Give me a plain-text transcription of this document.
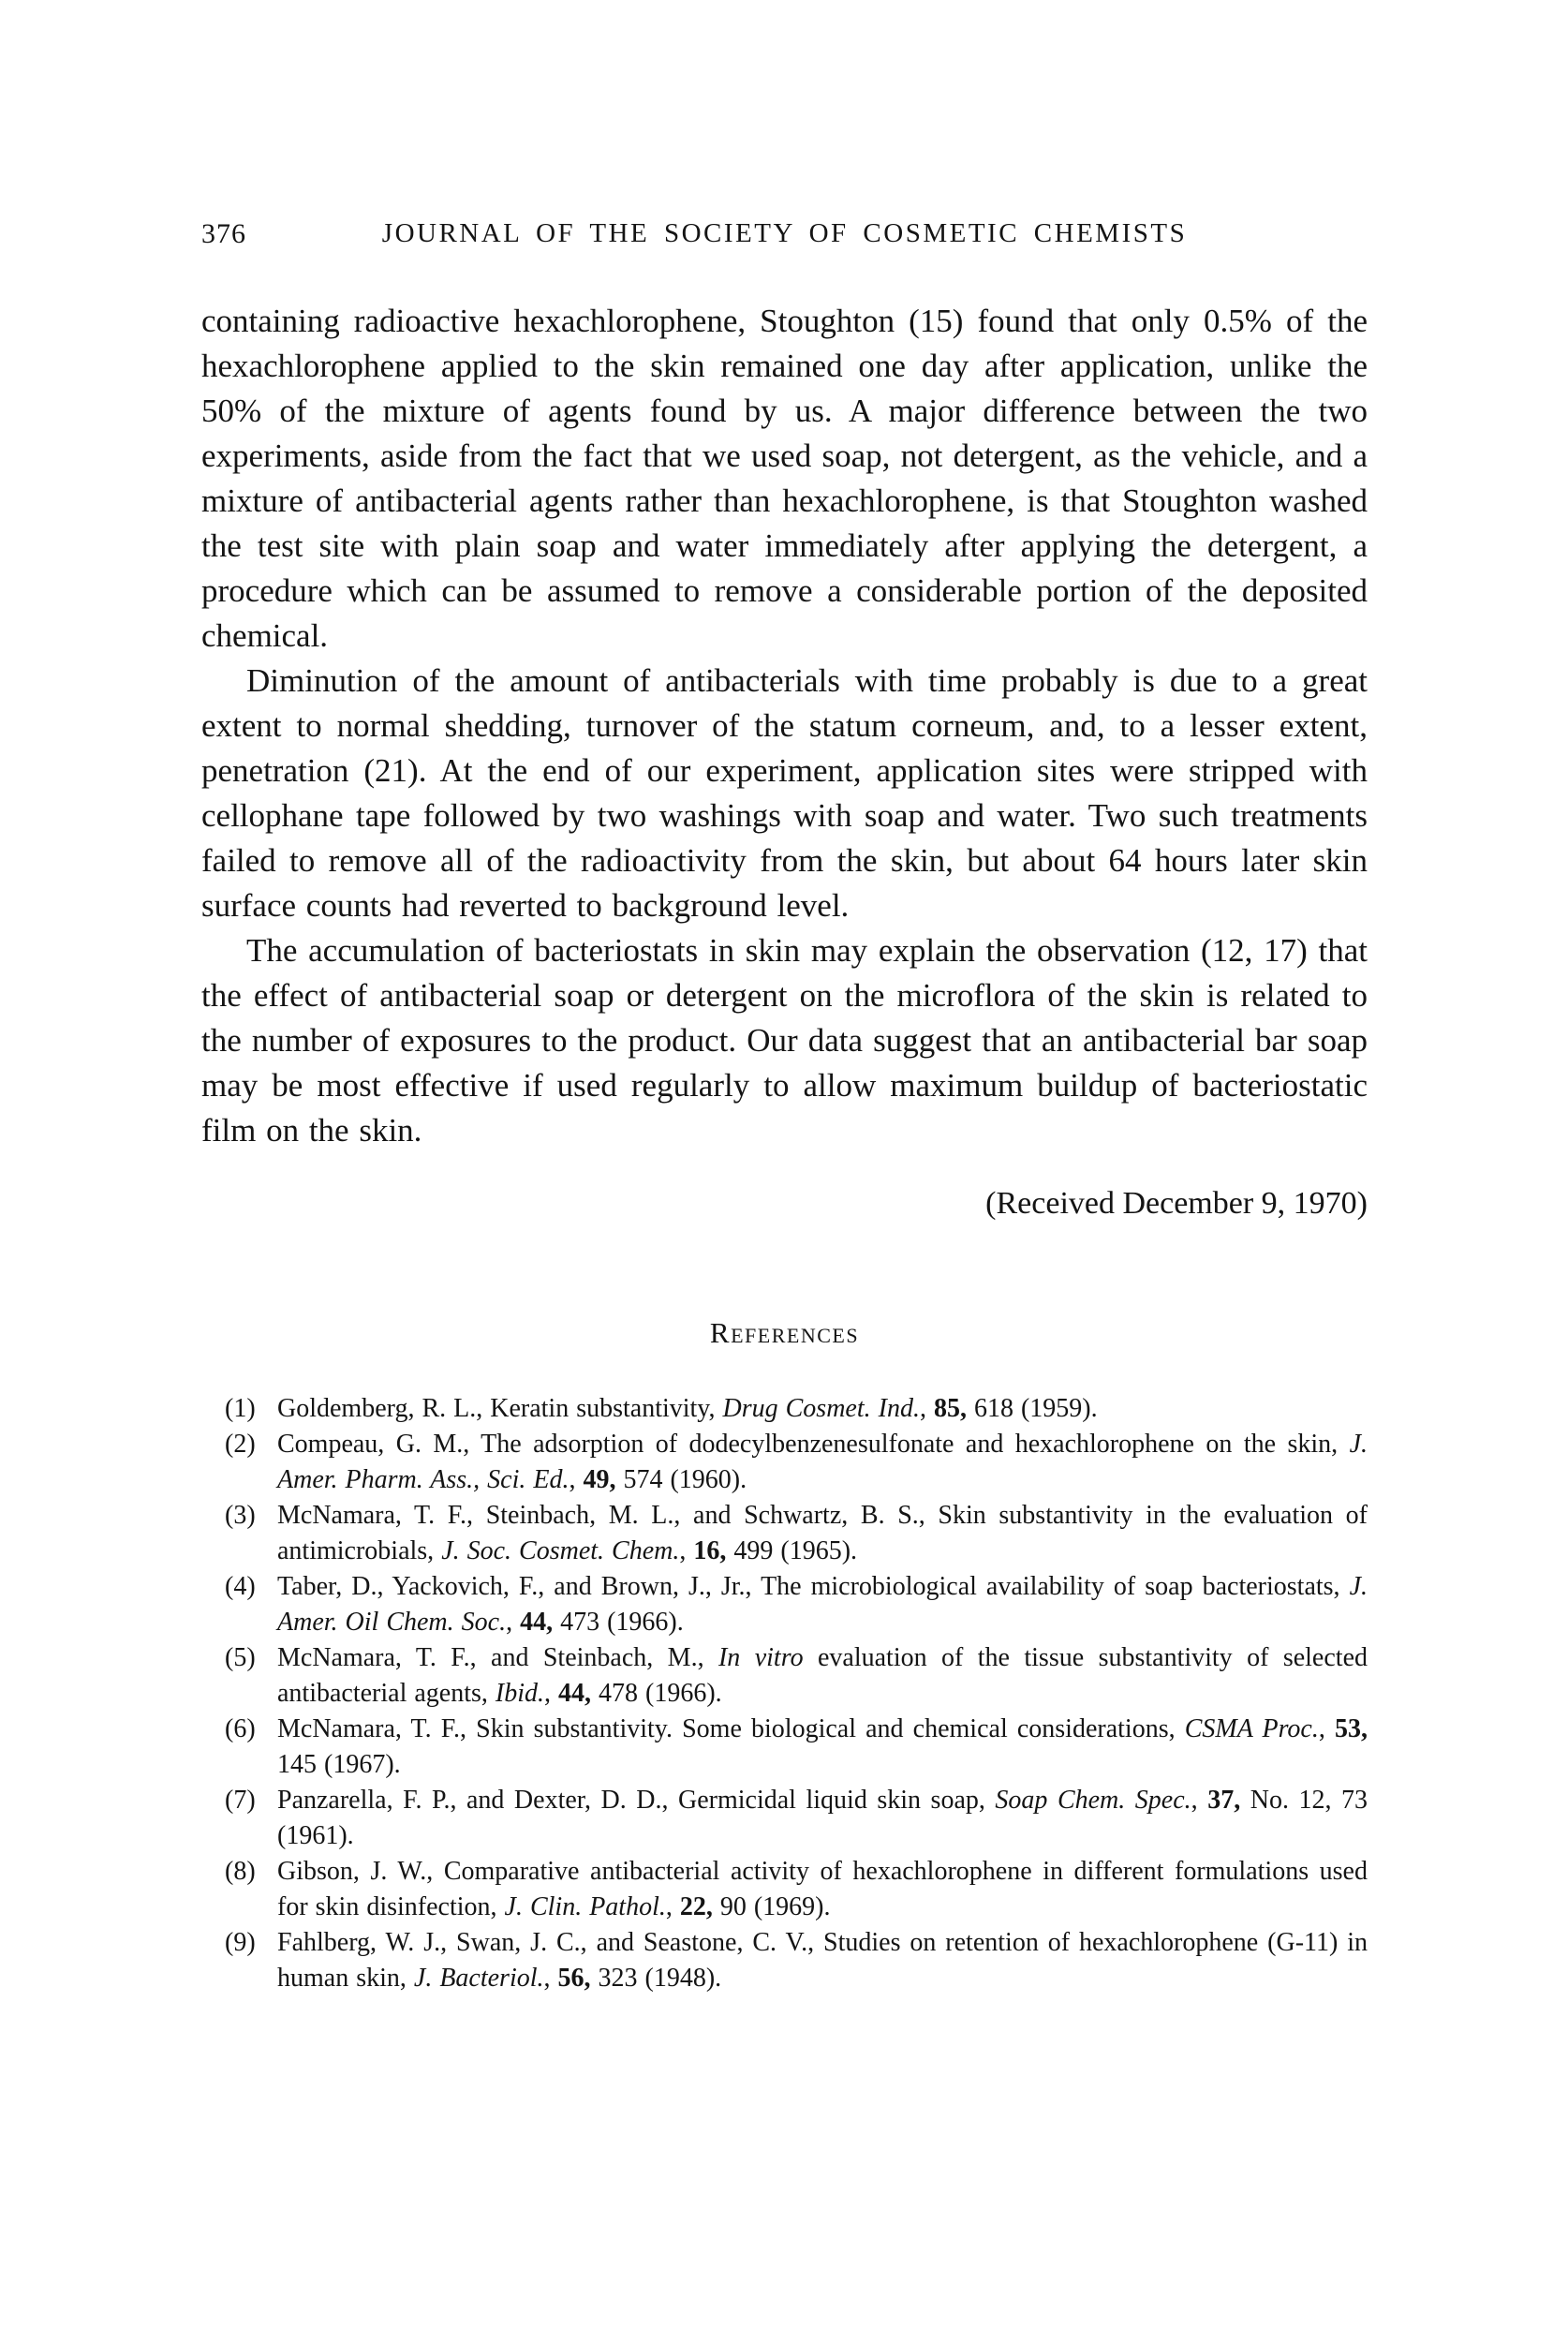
376	JOURNAL OF THE SOCIETY OF COSMETIC CHEMISTS

containing radioactive hexachlorophene, Stoughton (15) found that only 0.5% of the hexachlorophene applied to the skin remained one day after application, unlike the 50% of the mixture of agents found by us. A major difference between the two experiments, aside from the fact that we used soap, not detergent, as the vehicle, and a mixture of antibacterial agents rather than hexachlorophene, is that Stoughton washed the test site with plain soap and water immediately after applying the detergent, a procedure which can be assumed to remove a considerable portion of the deposited chemical.

Diminution of the amount of antibacterials with time probably is due to a great extent to normal shedding, turnover of the statum corneum, and, to a lesser extent, penetration (21). At the end of our experiment, application sites were stripped with cellophane tape followed by two washings with soap and water. Two such treatments failed to remove all of the radioactivity from the skin, but about 64 hours later skin surface counts had reverted to background level.

The accumulation of bacteriostats in skin may explain the observation (12, 17) that the effect of antibacterial soap or detergent on the microflora of the skin is related to the number of exposures to the product. Our data suggest that an antibacterial bar soap may be most effective if used regularly to allow maximum buildup of bacteriostatic film on the skin.

(Received December 9, 1970)

References
(1) Goldemberg, R. L., Keratin substantivity, Drug Cosmet. Ind., 85, 618 (1959).
(2) Compeau, G. M., The adsorption of dodecylbenzenesulfonate and hexachlorophene on the skin, J. Amer. Pharm. Ass., Sci. Ed., 49, 574 (1960).
(3) McNamara, T. F., Steinbach, M. L., and Schwartz, B. S., Skin substantivity in the evaluation of antimicrobials, J. Soc. Cosmet. Chem., 16, 499 (1965).
(4) Taber, D., Yackovich, F., and Brown, J., Jr., The microbiological availability of soap bacteriostats, J. Amer. Oil Chem. Soc., 44, 473 (1966).
(5) McNamara, T. F., and Steinbach, M., In vitro evaluation of the tissue substantivity of selected antibacterial agents, Ibid., 44, 478 (1966).
(6) McNamara, T. F., Skin substantivity. Some biological and chemical considerations, CSMA Proc., 53, 145 (1967).
(7) Panzarella, F. P., and Dexter, D. D., Germicidal liquid skin soap, Soap Chem. Spec., 37, No. 12, 73 (1961).
(8) Gibson, J. W., Comparative antibacterial activity of hexachlorophene in different formulations used for skin disinfection, J. Clin. Pathol., 22, 90 (1969).
(9) Fahlberg, W. J., Swan, J. C., and Seastone, C. V., Studies on retention of hexachlorophene (G-11) in human skin, J. Bacteriol., 56, 323 (1948).
